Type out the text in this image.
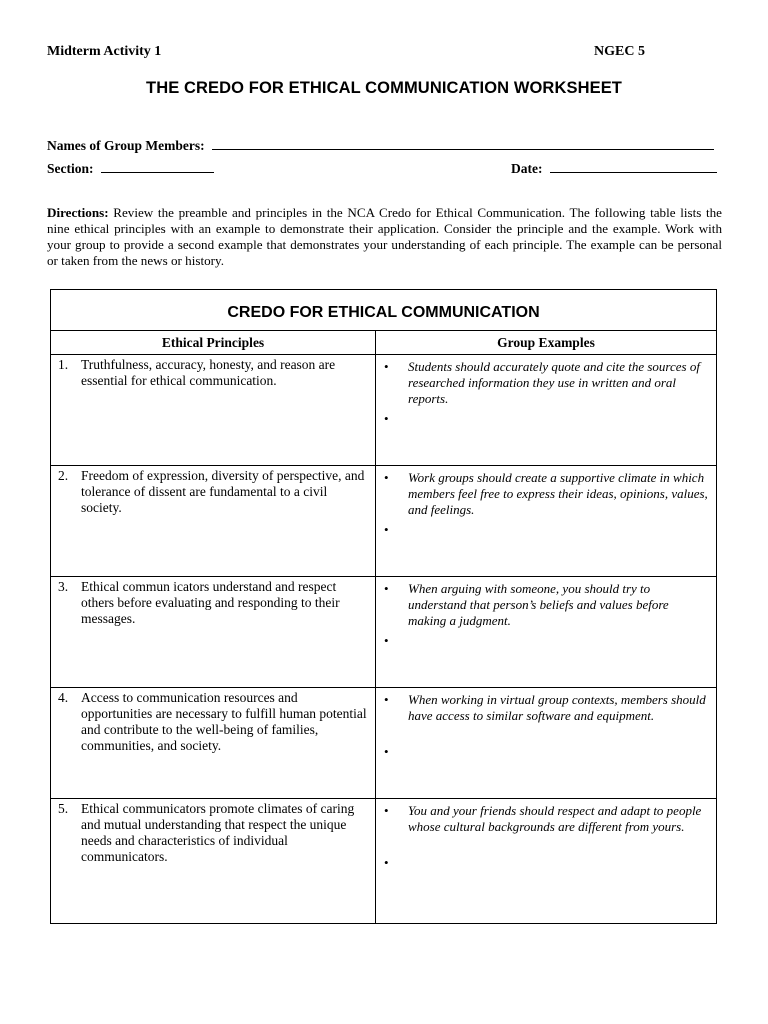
Midterm Activity 1	NGEC 5
THE CREDO FOR ETHICAL COMMUNICATION WORKSHEET
Names of Group Members:
Section:	Date:
Directions: Review the preamble and principles in the NCA Credo for Ethical Communication. The following table lists the nine ethical principles with an example to demonstrate their application. Consider the principle and the example. Work with your group to provide a second example that demonstrates your understanding of each principle. The example can be personal or taken from the news or history.
CREDO FOR ETHICAL COMMUNICATION
Ethical Principles	Group Examples
1. Truthfulness, accuracy, honesty, and reason are essential for ethical communication.
• Students should accurately quote and cite the sources of researched information they use in written and oral reports.
•
2. Freedom of expression, diversity of perspective, and tolerance of dissent are fundamental to a civil society.
• Work groups should create a supportive climate in which members feel free to express their ideas, opinions, values, and feelings.
•
3. Ethical commun icators understand and respect others before evaluating and responding to their messages.
• When arguing with someone, you should try to understand that person’s beliefs and values before making a judgment.
•
4. Access to communication resources and opportunities are necessary to fulfill human potential and contribute to the well-being of families, communities, and society.
• When working in virtual group contexts, members should have access to similar software and equipment.
•
5. Ethical communicators promote climates of caring and mutual understanding that respect the unique needs and characteristics of individual communicators.
• You and your friends should respect and adapt to people whose cultural backgrounds are different from yours.
•
